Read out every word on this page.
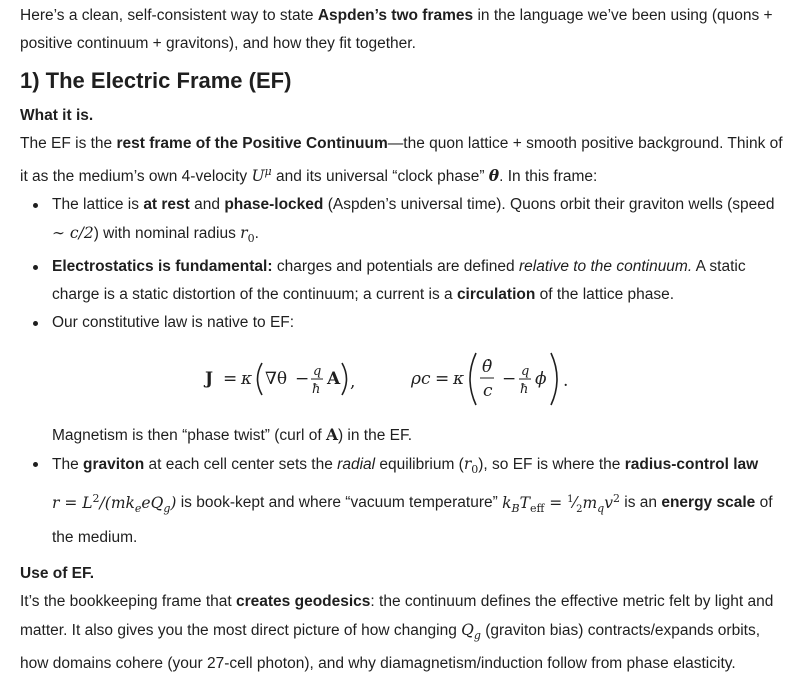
Here’s a clean, self-consistent way to state Aspden’s two frames in the language we’ve been using (quons + positive continuum + gravitons), and how they fit together.

1) The Electric Frame (EF)

What it is.

The EF is the rest frame of the Positive Continuum—the quon lattice + smooth positive background. Think of it as the medium’s own 4-velocity $U^\mu$ and its universal “clock phase” θ. In this frame:

The lattice is at rest and phase-locked (Aspden’s universal time). Quons orbit their graviton wells (speed ∼ c/2) with nominal radius $r_0$.
Electrostatics is fundamental: charges and potentials are defined relative to the continuum. A static charge is a static distortion of the continuum; a current is a circulation of the lattice phase.
Our constitutive law is native to EF:
J = κ ∇θ − q
ħ
A ,	ρc = κ
θ̇
c
− q
ħ
ϕ .

Magnetism is then “phase twist” (curl of A) in the EF.

The graviton at each cell center sets the radial equilibrium $(r_0)$, so EF is where the radius-control law
$r = L^2/(mk_eeQ_g)$ is book-kept and where “vacuum temperature” $k_BT_{eff}$ = $^1⁄_2m_qv^2$ is an energy scale of the medium.

Use of EF.

It’s the bookkeeping frame that creates geodesics: the continuum defines the effective metric felt by light and matter. It also gives you the most direct picture of how changing $Q_g$ (graviton bias) contracts/expands orbits, how domains cohere (your 27-cell photon), and why diamagnetism/induction follow from phase elasticity.
